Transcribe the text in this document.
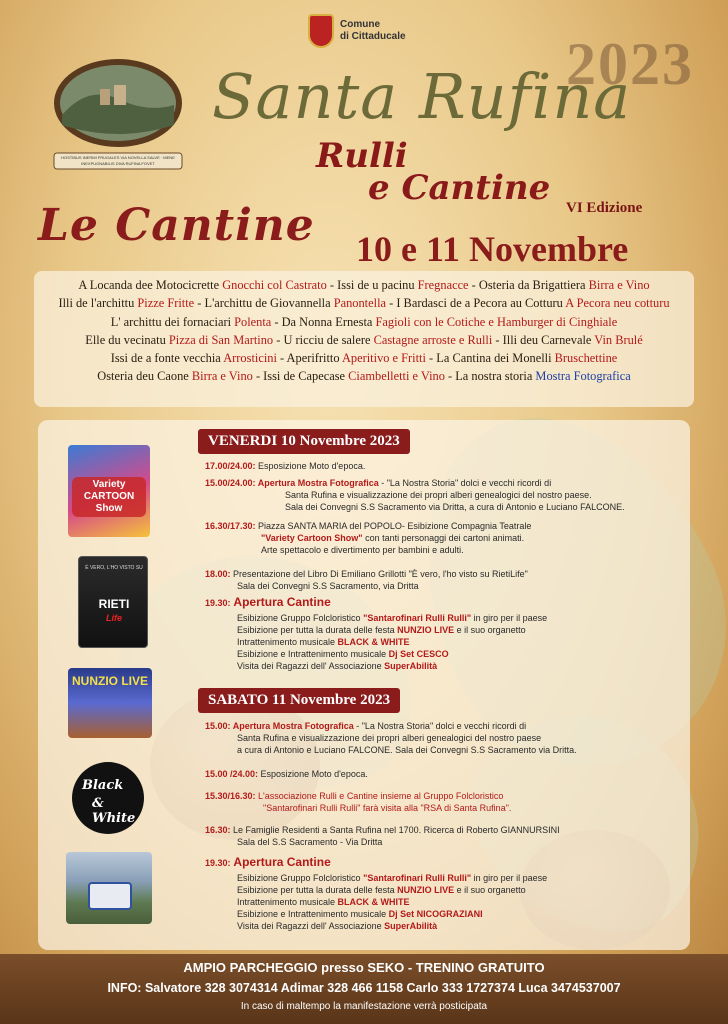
HOSTIBUS INERMI FRUGALES VIA NOVELLA SALVE · MENE INEXPUGNABILIS DIVA RUFINA FOVET
Comune
di Cittaducale	2023
Santa Rufina
Rulli
e Cantine VI Edizione
Le Cantine 10 e 11 Novembre
A Locanda dee Motocicrette Gnocchi col Castrato - Issi de u pacinu Fregnacce - Osteria da Brigattiera Birra e Vino
Illi de l'archittu Pizze Fritte - L'archittu de Giovannella Panontella - I Bardasci de a Pecora au Cotturu A Pecora neu cotturu
L' archittu dei fornaciari Polenta - Da Nonna Ernesta Fagioli con le Cotiche e Hamburger di Cinghiale
Elle du vecinatu Pizza di San Martino - U ricciu de salere Castagne arroste e Rulli - Illi deu Carnevale Vin Brulé
Issi de a fonte vecchia Arrosticini - Aperifritto Aperitivo e Fritti - La Cantina dei Monelli Bruschettine
Osteria deu Caone Birra e Vino - Issi de Capecase Ciambelletti e Vino - La nostra storia Mostra Fotografica
Variety CARTOON Show
È VERO, L'HO VISTO SU
RIETI
Life
NUNZIO LIVE
Black
& White
VENERDI 10 Novembre 2023
17.00/24.00: Esposizione Moto d'epoca.
15.00/24.00: Apertura Mostra Fotografica - "La Nostra Storia" dolci e vecchi ricordi di
Santa Rufina e visualizzazione dei propri alberi genealogici del nostro paese.
Sala dei Convegni S.S Sacramento via Dritta, a cura di Antonio e Luciano FALCONE.
16.30/17.30: Piazza SANTA MARIA del POPOLO- Esibizione Compagnia Teatrale
"Variety Cartoon Show" con tanti personaggi dei cartoni animati.
Arte spettacolo e divertimento per bambini e adulti.
18.00: Presentazione del Libro Di Emiliano Grillotti "È vero, l'ho visto su RietiLife"
Sala dei Convegni S.S Sacramento, via Dritta
19.30: Apertura Cantine
Esibizione Gruppo Folcloristico "Santarofinari Rulli Rulli" in giro per il paese
Esibizione per tutta la durata delle festa NUNZIO LIVE e il suo organetto
Intrattenimento musicale BLACK & WHITE
Esibizione e Intrattenimento musicale Dj Set CESCO
Visita dei Ragazzi dell' Associazione SuperAbilità
SABATO 11 Novembre 2023
15.00: Apertura Mostra Fotografica - "La Nostra Storia" dolci e vecchi ricordi di
Santa Rufina e visualizzazione dei propri alberi genealogici del nostro paese
a cura di Antonio e Luciano FALCONE. Sala dei Convegni S.S Sacramento via Dritta.
15.00 /24.00: Esposizione Moto d'epoca.
15.30/16.30: L'associazione Rulli e Cantine insieme al Gruppo Folcloristico
"Santarofinari Rulli Rulli" farà visita alla "RSA di Santa Rufina".
16.30: Le Famiglie Residenti a Santa Rufina nel 1700. Ricerca di Roberto GIANNURSINI
Sala del S.S Sacramento - Via Dritta
19.30: Apertura Cantine
Esibizione Gruppo Folcloristico "Santarofinari Rulli Rulli" in giro per il paese
Esibizione per tutta la durata delle festa NUNZIO LIVE e il suo organetto
Intrattenimento musicale BLACK & WHITE
Esibizione e Intrattenimento musicale Dj Set NICOGRAZIANI
Visita dei Ragazzi dell' Associazione SuperAbilità
AMPIO PARCHEGGIO presso SEKO - TRENINO GRATUITO
INFO: Salvatore 328 3074314 Adimar 328 466 1158 Carlo 333 1727374 Luca 3474537007
In caso di maltempo la manifestazione verrà posticipata
